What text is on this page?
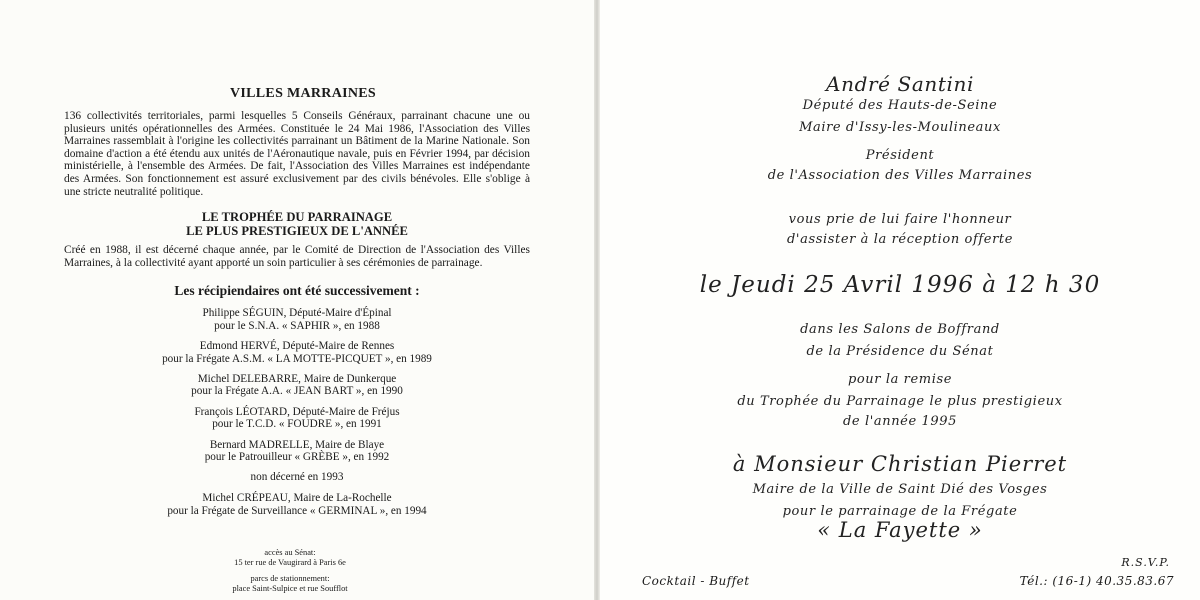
VILLES MARRAINES

136 collectivités territoriales, parmi lesquelles 5 Conseils Généraux, parrainant chacune une ou plusieurs unités opérationnelles des Armées. Constituée le 24 Mai 1986, l'Association des Villes Marraines rassemblait à l'origine les collectivités parrainant un Bâtiment de la Marine Nationale. Son domaine d'action a été étendu aux unités de l'Aéronautique navale, puis en Février 1994, par décision ministérielle, à l'ensemble des Armées. De fait, l'Association des Villes Marraines est indépendante des Armées. Son fonctionnement est assuré exclusivement par des civils bénévoles. Elle s'oblige à une stricte neutralité politique.

LE TROPHÉE DU PARRAINAGE
LE PLUS PRESTIGIEUX DE L'ANNÉE

Créé en 1988, il est décerné chaque année, par le Comité de Direction de l'Association des Villes Marraines, à la collectivité ayant apporté un soin particulier à ses cérémonies de parrainage.

Les récipiendaires ont été successivement :
Philippe SÉGUIN, Député-Maire d'Épinal
pour le S.N.A. « SAPHIR », en 1988
Edmond HERVÉ, Député-Maire de Rennes
pour la Frégate A.S.M. « LA MOTTE-PICQUET », en 1989
Michel DELEBARRE, Maire de Dunkerque
pour la Frégate A.A. « JEAN BART », en 1990
François LÉOTARD, Député-Maire de Fréjus
pour le T.C.D. « FOUDRE », en 1991
Bernard MADRELLE, Maire de Blaye
pour le Patrouilleur « GRÈBE », en 1992
non décerné en 1993
Michel CRÉPEAU, Maire de La-Rochelle
pour la Frégate de Surveillance « GERMINAL », en 1994
accès au Sénat:
15 ter rue de Vaugirard à Paris 6e
parcs de stationnement:
place Saint-Sulpice et rue Soufflot
André Santini
Député des Hauts-de-Seine
Maire d'Issy-les-Moulineaux
Président
de l'Association des Villes Marraines
vous prie de lui faire l'honneur
d'assister à la réception offerte
le Jeudi 25 Avril 1996 à 12 h 30
dans les Salons de Boffrand
de la Présidence du Sénat
pour la remise
du Trophée du Parrainage le plus prestigieux
de l'année 1995
à Monsieur Christian Pierret
Maire de la Ville de Saint Dié des Vosges
pour le parrainage de la Frégate
« La Fayette »
Cocktail - Buffet
R.S.V.P.
Tél.: (16-1) 40.35.83.67
